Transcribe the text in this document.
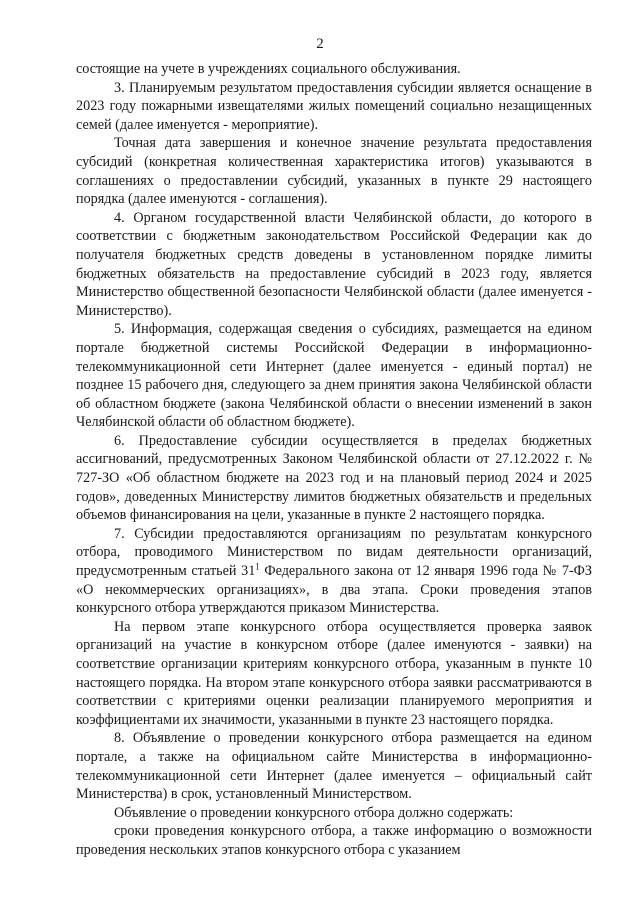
2

состоящие на учете в учреждениях социального обслуживания.

3. Планируемым результатом предоставления субсидии является оснащение в 2023 году пожарными извещателями жилых помещений социально незащищенных семей (далее именуется - мероприятие).

Точная дата завершения и конечное значение результата предоставления субсидий (конкретная количественная характеристика итогов) указываются в соглашениях о предоставлении субсидий, указанных в пункте 29 настоящего порядка (далее именуются - соглашения).

4. Органом государственной власти Челябинской области, до которого в соответствии с бюджетным законодательством Российской Федерации как до получателя бюджетных средств доведены в установленном порядке лимиты бюджетных обязательств на предоставление субсидий в 2023 году, является Министерство общественной безопасности Челябинской области (далее именуется - Министерство).

5. Информация, содержащая сведения о субсидиях, размещается на едином портале бюджетной системы Российской Федерации в информационно-телекоммуникационной сети Интернет (далее именуется - единый портал) не позднее 15 рабочего дня, следующего за днем принятия закона Челябинской области об областном бюджете (закона Челябинской области о внесении изменений в закон Челябинской области об областном бюджете).

6. Предоставление субсидии осуществляется в пределах бюджетных ассигнований, предусмотренных Законом Челябинской области от 27.12.2022 г. № 727-ЗО «Об областном бюджете на 2023 год и на плановый период 2024 и 2025 годов», доведенных Министерству лимитов бюджетных обязательств и предельных объемов финансирования на цели, указанные в пункте 2 настоящего порядка.

7. Субсидии предоставляются организациям по результатам конкурсного отбора, проводимого Министерством по видам деятельности организаций, предусмотренным статьей $31^1$ Федерального закона от 12 января 1996 года № 7-ФЗ «О некоммерческих организациях», в два этапа. Сроки проведения этапов конкурсного отбора утверждаются приказом Министерства.

На первом этапе конкурсного отбора осуществляется проверка заявок организаций на участие в конкурсном отборе (далее именуются - заявки) на соответствие организации критериям конкурсного отбора, указанным в пункте 10 настоящего порядка. На втором этапе конкурсного отбора заявки рассматриваются в соответствии с критериями оценки реализации планируемого мероприятия и коэффициентами их значимости, указанными в пункте 23 настоящего порядка.

8. Объявление о проведении конкурсного отбора размещается на едином портале, а также на официальном сайте Министерства в информационно-телекоммуникационной сети Интернет (далее именуется – официальный сайт Министерства) в срок, установленный Министерством.

Объявление о проведении конкурсного отбора должно содержать:

сроки проведения конкурсного отбора, а также информацию о возможности проведения нескольких этапов конкурсного отбора с указанием
